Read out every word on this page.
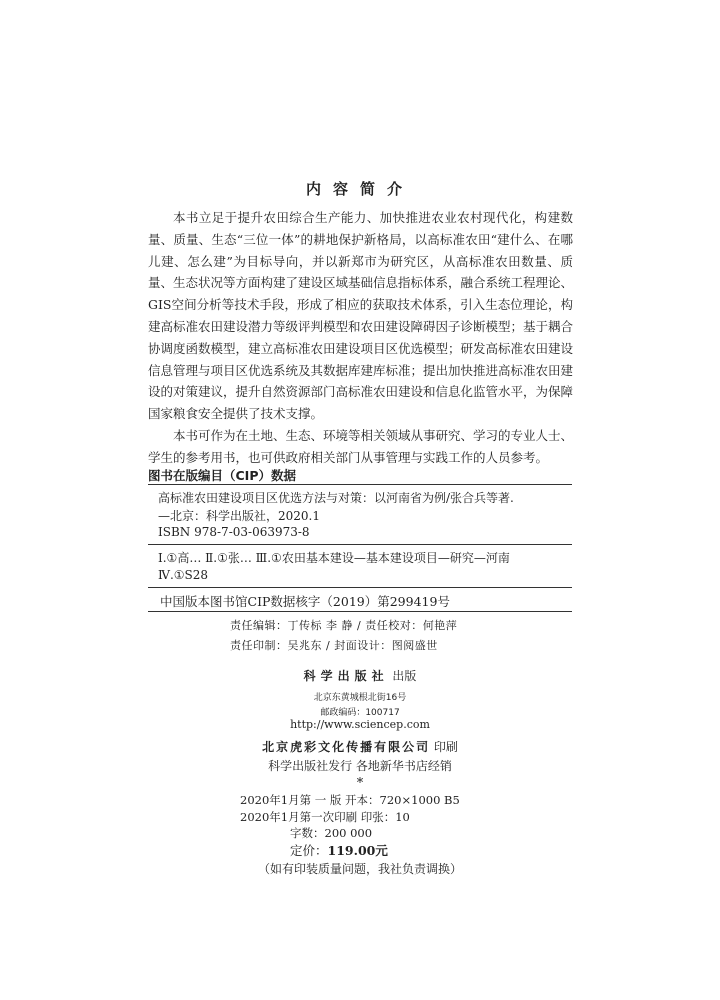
内容简介

本书立足于提升农田综合生产能力、加快推进农业农村现代化，构建数量、质量、生态“三位一体”的耕地保护新格局，以高标准农田“建什么、在哪儿建、怎么建”为目标导向，并以新郑市为研究区，从高标准农田数量、质量、生态状况等方面构建了建设区域基础信息指标体系，融合系统工程理论、GIS空间分析等技术手段，形成了相应的获取技术体系，引入生态位理论，构建高标准农田建设潜力等级评判模型和农田建设障碍因子诊断模型；基于耦合协调度函数模型，建立高标准农田建设项目区优选模型；研发高标准农田建设信息管理与项目区优选系统及其数据库建库标准；提出加快推进高标准农田建设的对策建议，提升自然资源部门高标准农田建设和信息化监管水平，为保障国家粮食安全提供了技术支撑。

本书可作为在土地、生态、环境等相关领域从事研究、学习的专业人士、学生的参考用书，也可供政府相关部门从事管理与实践工作的人员参考。

图书在版编目（CIP）数据
高标准农田建设项目区优选方法与对策：以河南省为例/张合兵等著.
—北京：科学出版社，2020.1
ISBN 978-7-03-063973-8
Ⅰ.①高… Ⅱ.①张… Ⅲ.①农田基本建设—基本建设项目—研究—河南
Ⅳ.①S28
中国版本图书馆CIP数据核字（2019）第299419号
责任编辑：丁传标 李 静 / 责任校对：何艳萍
责任印制：吴兆东 / 封面设计：图阅盛世
科学出版社 出版
北京东黄城根北街16号
邮政编码：100717
http://www.sciencep.com
北京虎彩文化传播有限公司 印刷
科学出版社发行 各地新华书店经销
*
2020年1月第 一 版 开本：720×1000 B5
2020年1月第一次印刷 印张：10
字数：200 000
定价：119.00元
（如有印装质量问题，我社负责调换）
